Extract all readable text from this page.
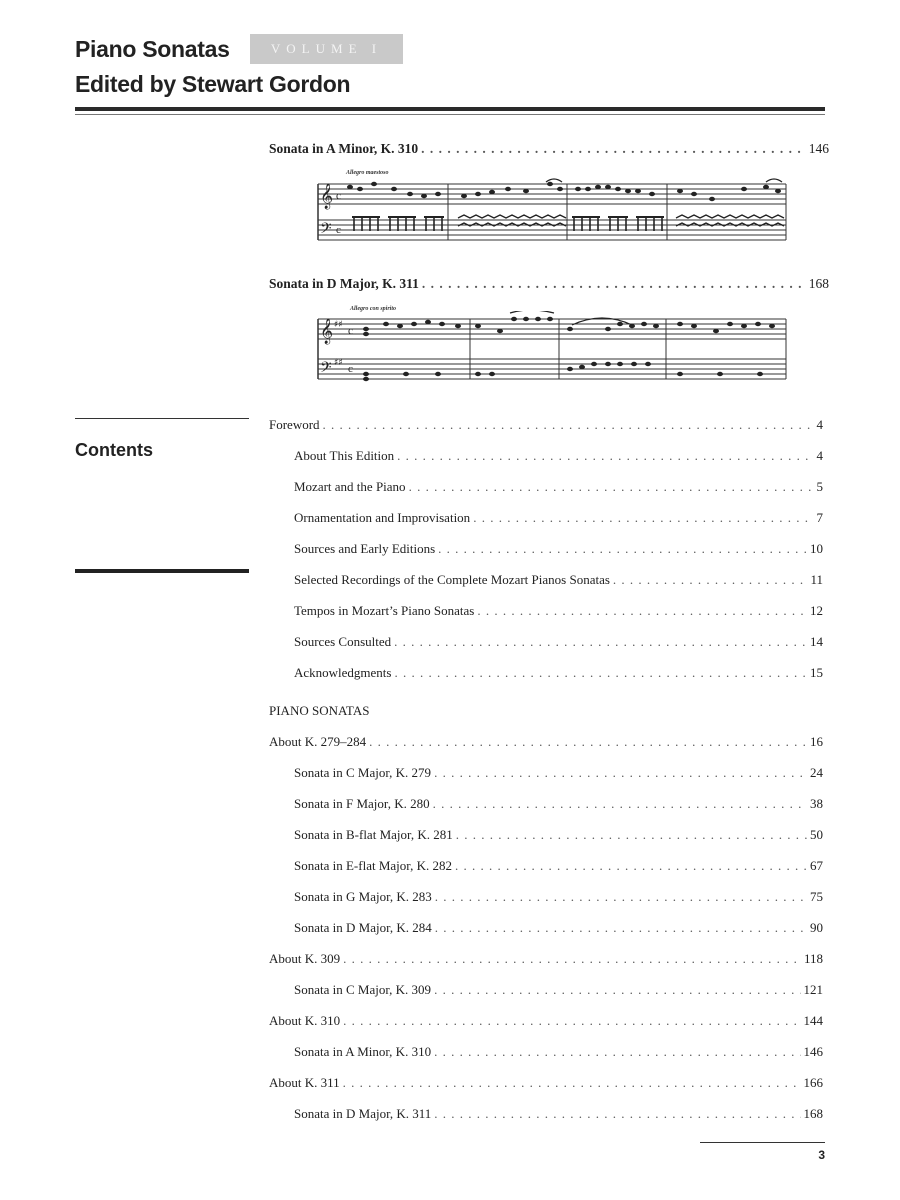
Piano Sonatas	VOLUME I
Edited by Stewart Gordon
Sonata in A Minor, K. 310 . . .	146
Allegro maestoso
𝄞
𝄢
c
c
Sonata in D Major, K. 311 . . .	168
Allegro con spirito
𝄞
𝄢
♯♯
♯♯
c
c
Contents
Foreword . . .	4
About This Edition . . .	4
Mozart and the Piano . . .	5
Ornamentation and Improvisation . . .	7
Sources and Early Editions . . .	10
Selected Recordings of the Complete Mozart Pianos Sonatas . . .	11
Tempos in Mozart’s Piano Sonatas . . .	12
Sources Consulted . . .	14
Acknowledgments . . .	15
PIANO SONATAS
About K. 279–284 . . .	16
Sonata in C Major, K. 279 . . .	24
Sonata in F Major, K. 280 . . .	38
Sonata in B-flat Major, K. 281 . . .	50
Sonata in E-flat Major, K. 282 . . .	67
Sonata in G Major, K. 283 . . .	75
Sonata in D Major, K. 284 . . .	90
About K. 309 . . .	118
Sonata in C Major, K. 309 . . .	121
About K. 310 . . .	144
Sonata in A Minor, K. 310 . . .	146
About K. 311 . . .	166
Sonata in D Major, K. 311 . . .	168
3
